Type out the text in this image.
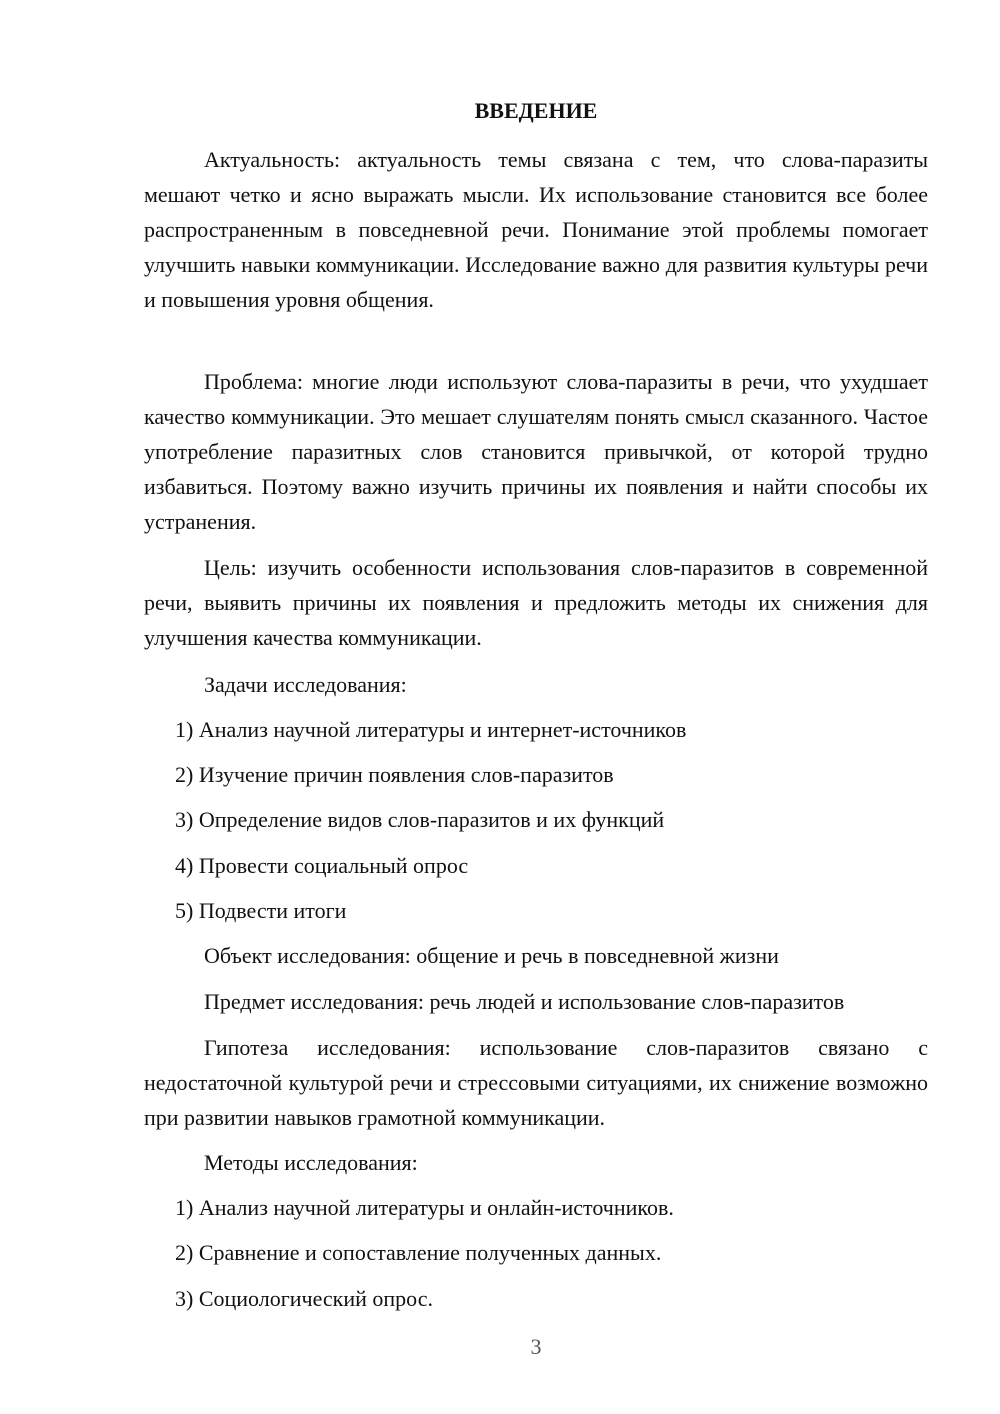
ВВЕДЕНИЕ

Актуальность: актуальность темы связана с тем, что слова-паразиты мешают четко и ясно выражать мысли. Их использование становится все более распространенным в повседневной речи. Понимание этой проблемы помогает улучшить навыки коммуникации. Исследование важно для развития культуры речи и повышения уровня общения.

Проблема: многие люди используют слова-паразиты в речи, что ухудшает качество коммуникации. Это мешает слушателям понять смысл сказанного. Частое употребление паразитных слов становится привычкой, от которой трудно избавиться. Поэтому важно изучить причины их появления и найти способы их устранения.

Цель: изучить особенности использования слов-паразитов в современной речи, выявить причины их появления и предложить методы их снижения для улучшения качества коммуникации.

Задачи исследования:

1) Анализ научной литературы и интернет-источников

2) Изучение причин появления слов-паразитов

3) Определение видов слов-паразитов и их функций

4) Провести социальный опрос

5) Подвести итоги

Объект исследования: общение и речь в повседневной жизни

Предмет исследования: речь людей и использование слов-паразитов

Гипотеза исследования: использование слов-паразитов связано с недостаточной культурой речи и стрессовыми ситуациями, их снижение возможно при развитии навыков грамотной коммуникации.

Методы исследования:

1) Анализ научной литературы и онлайн-источников.

2) Сравнение и сопоставление полученных данных.

3) Социологический опрос.

3
